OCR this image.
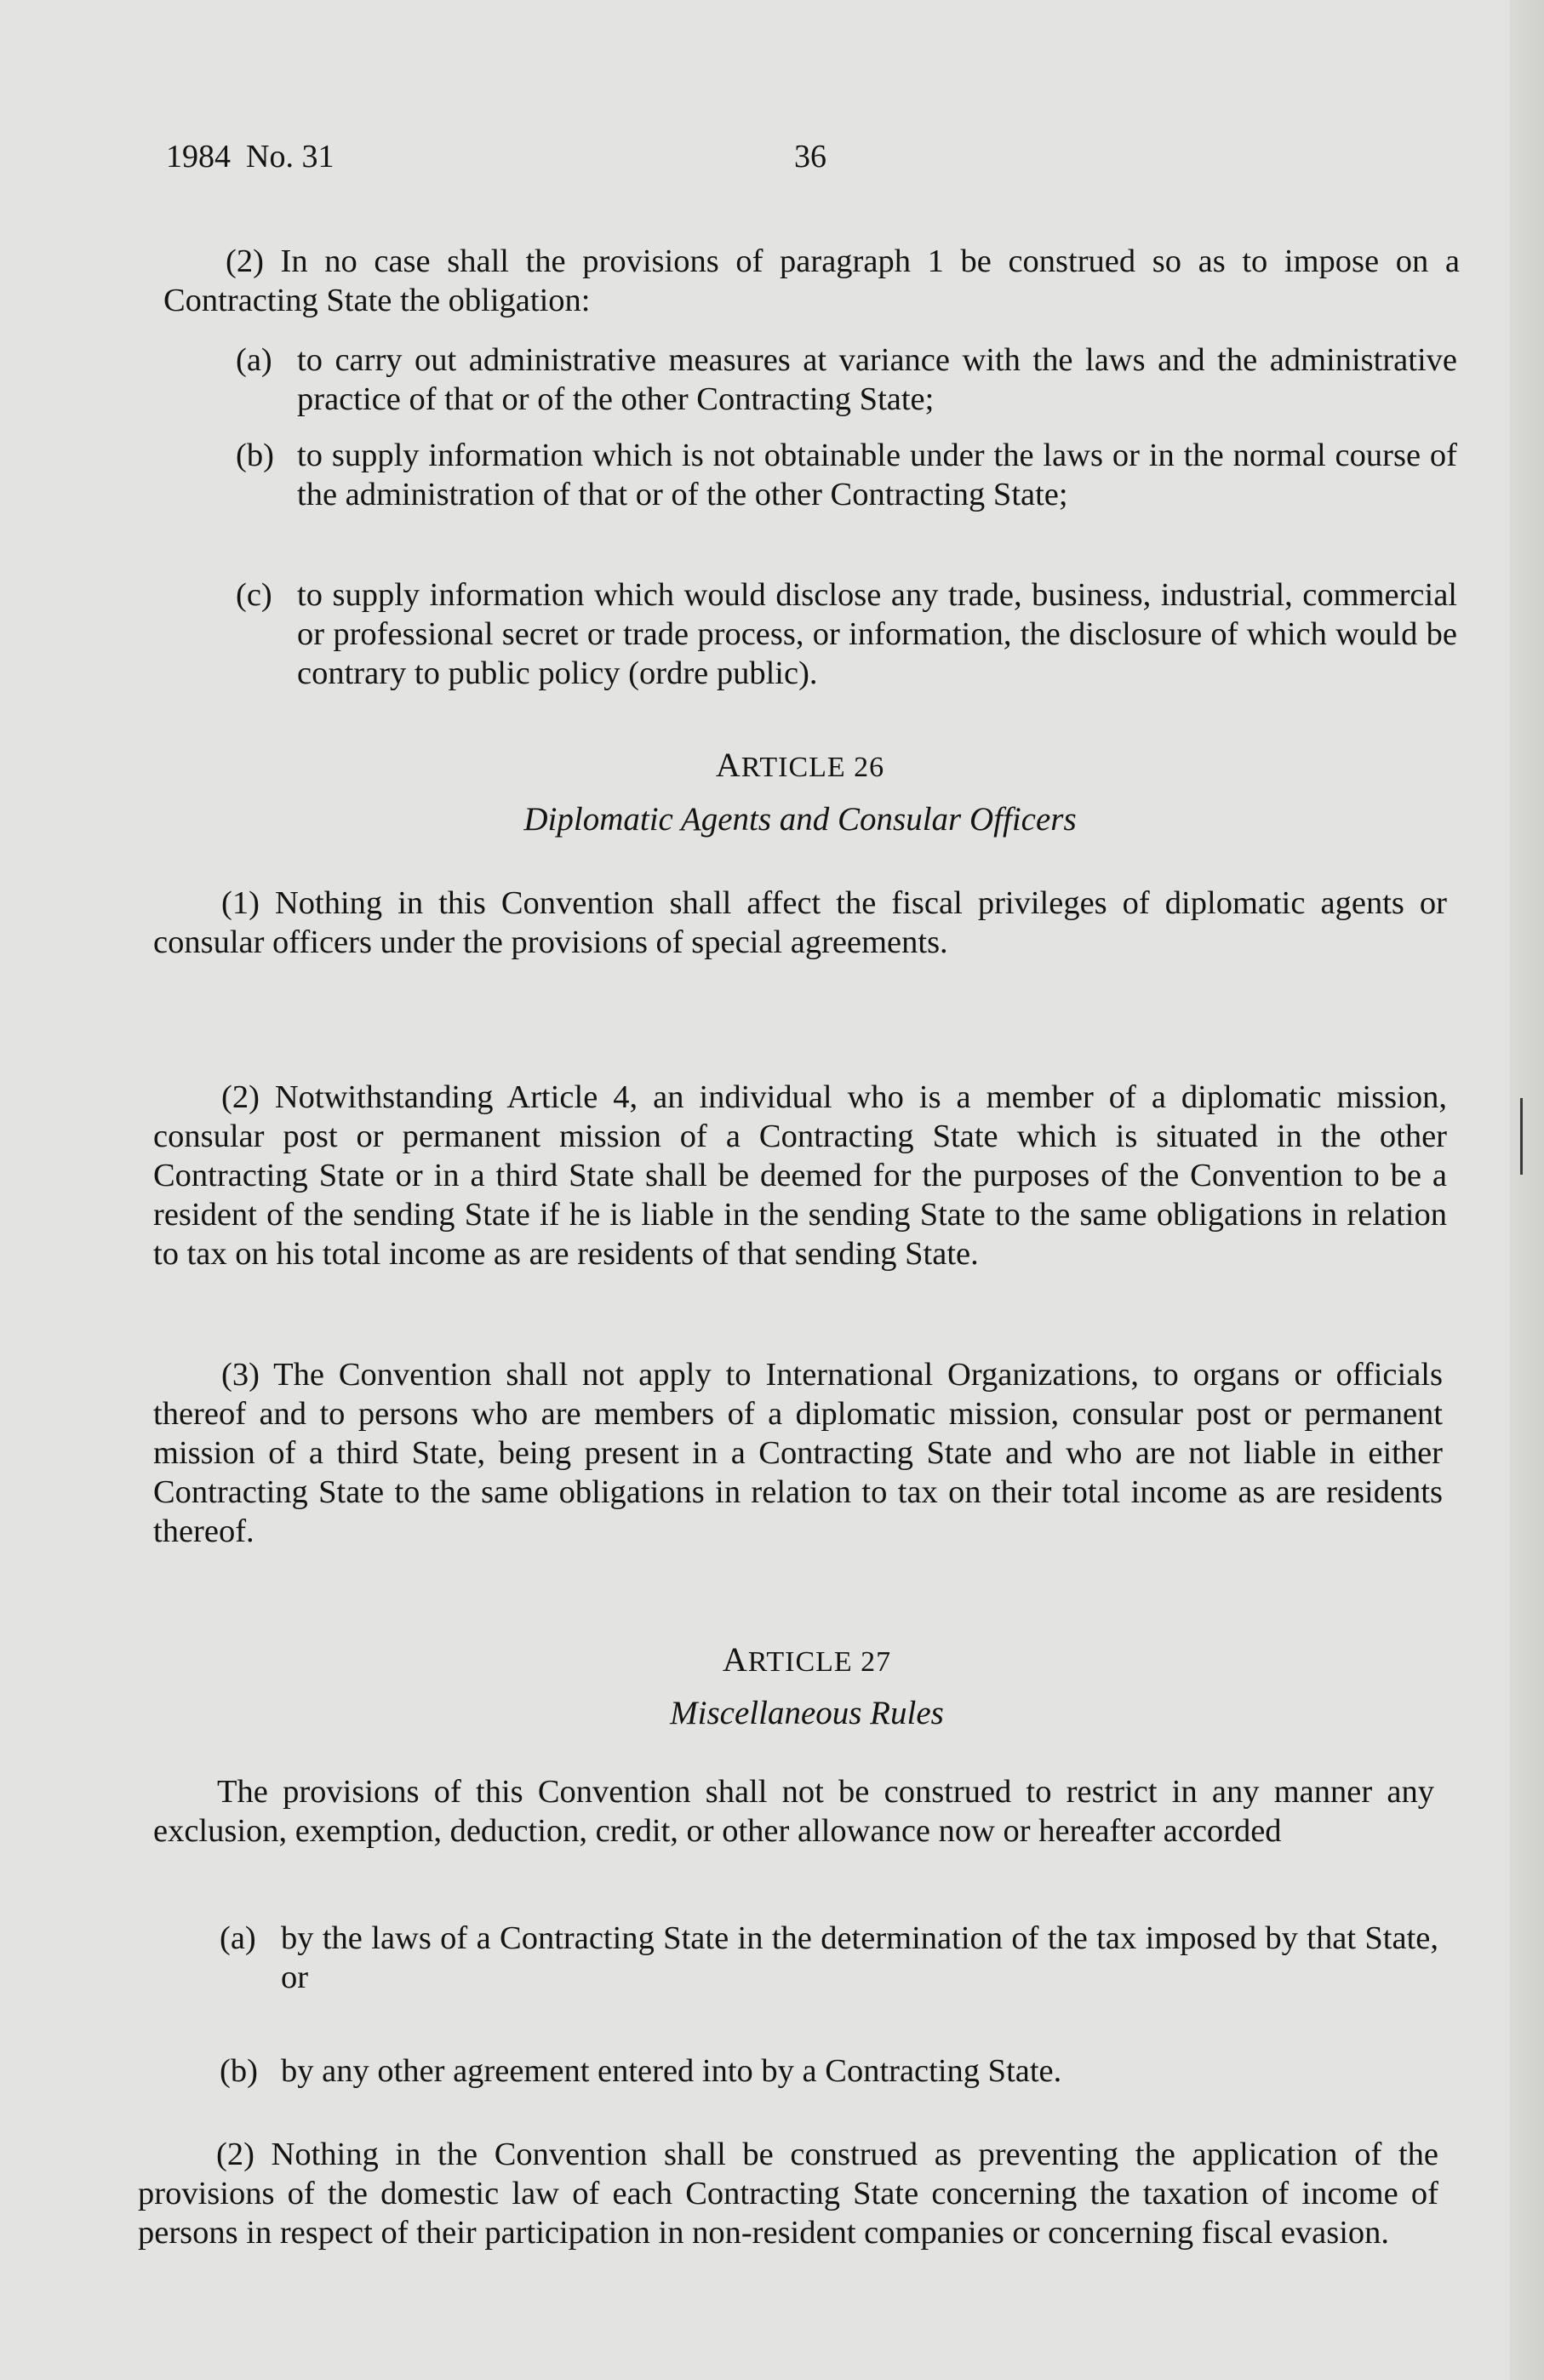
1984 No. 31	36

(2) In no case shall the provisions of paragraph 1 be construed so as to impose on a Contracting State the obligation:

(a) to carry out administrative measures at variance with the laws and the administrative practice of that or of the other Contracting State;
(b) to supply information which is not obtainable under the laws or in the normal course of the administration of that or of the other Contracting State;
(c) to supply information which would disclose any trade, business, industrial, commercial or professional secret or trade process, or information, the disclosure of which would be contrary to public policy (ordre public).
ARTICLE 26
Diplomatic Agents and Consular Officers

(1) Nothing in this Convention shall affect the fiscal privileges of diplomatic agents or consular officers under the provisions of special agreements.

(2) Notwithstanding Article 4, an individual who is a member of a diplomatic mission, consular post or permanent mission of a Contracting State which is situated in the other Contracting State or in a third State shall be deemed for the purposes of the Convention to be a resident of the sending State if he is liable in the sending State to the same obligations in relation to tax on his total income as are residents of that sending State.

(3) The Convention shall not apply to International Organizations, to organs or officials thereof and to persons who are members of a diplomatic mission, consular post or permanent mission of a third State, being present in a Contracting State and who are not liable in either Contracting State to the same obligations in relation to tax on their total income as are residents thereof.

ARTICLE 27
Miscellaneous Rules

The provisions of this Convention shall not be construed to restrict in any manner any exclusion, exemption, deduction, credit, or other allowance now or hereafter accorded

(a) by the laws of a Contracting State in the determination of the tax imposed by that State, or
(b) by any other agreement entered into by a Contracting State.

(2) Nothing in the Convention shall be construed as preventing the application of the provisions of the domestic law of each Contracting State concerning the taxation of income of persons in respect of their participation in non-resident companies or concerning fiscal evasion.
